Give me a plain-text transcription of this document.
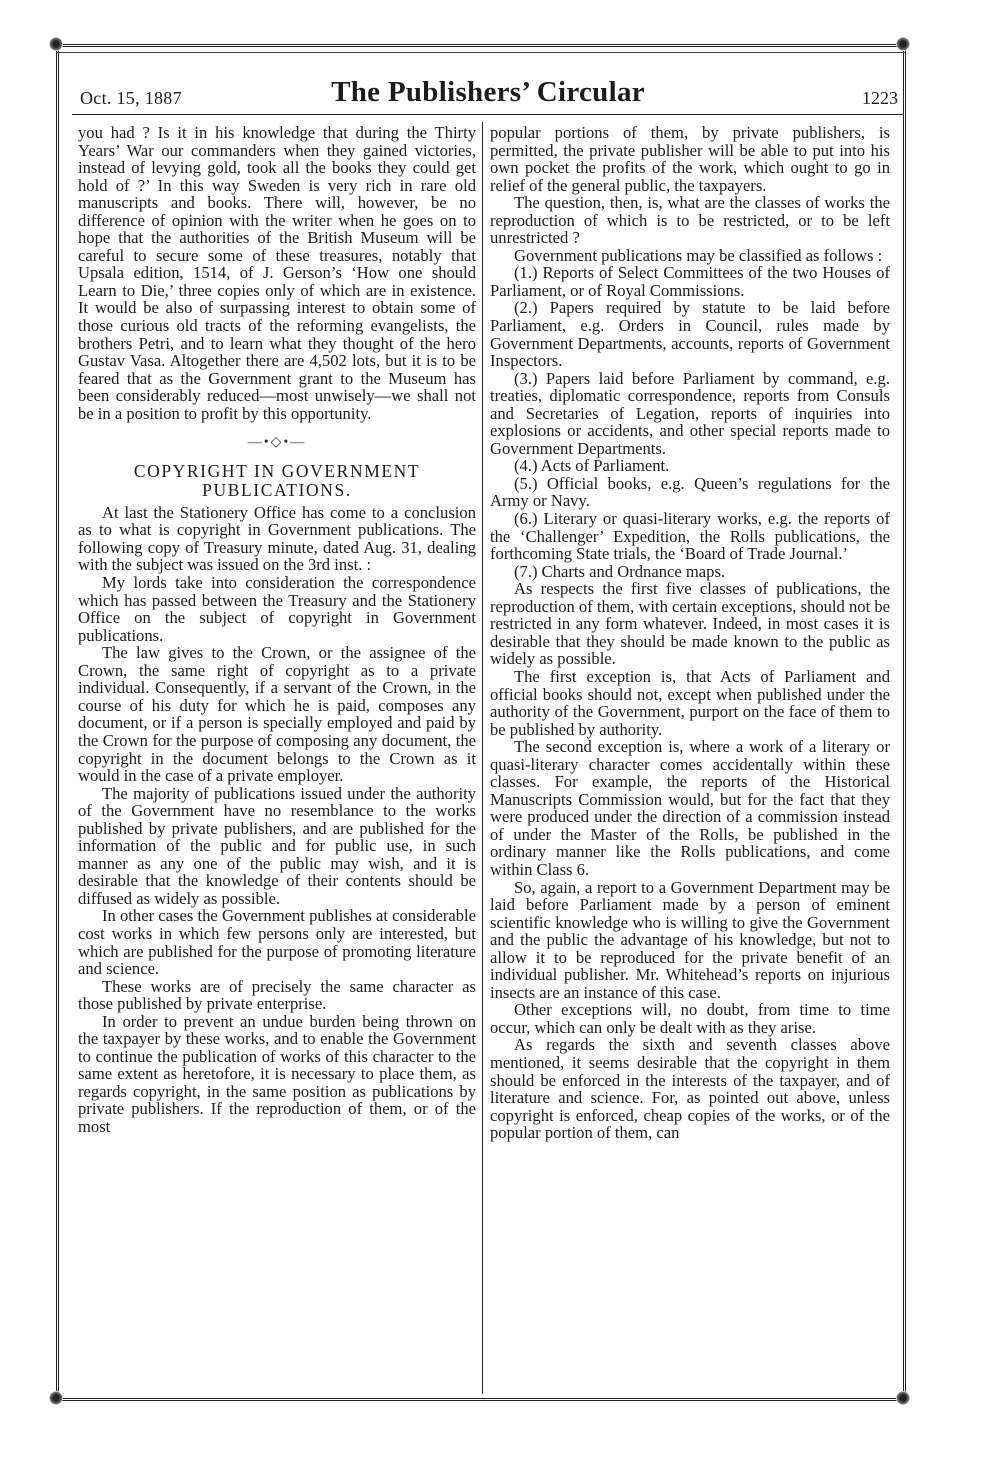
Oct. 15, 1887	The Publishers’ Circular	1223

you had ? Is it in his knowledge that during the Thirty Years’ War our commanders when they gained victories, instead of levying gold, took all the books they could get hold of ?’ In this way Sweden is very rich in rare old manuscripts and books. There will, however, be no difference of opinion with the writer when he goes on to hope that the authorities of the British Museum will be careful to secure some of these treasures, notably that Upsala edition, 1514, of J. Gerson’s ‘How one should Learn to Die,’ three copies only of which are in existence. It would be also of surpassing interest to obtain some of those curious old tracts of the reforming evangelists, the brothers Petri, and to learn what they thought of the hero Gustav Vasa. Altogether there are 4,502 lots, but it is to be feared that as the Government grant to the Museum has been considerably reduced—most unwisely—we shall not be in a position to profit by this opportunity.

—•◇•—
COPYRIGHT IN GOVERNMENT
PUBLICATIONS.

At last the Stationery Office has come to a conclusion as to what is copyright in Government publications. The following copy of Treasury minute, dated Aug. 31, dealing with the subject was issued on the 3rd inst. :

My lords take into consideration the correspondence which has passed between the Treasury and the Stationery Office on the subject of copyright in Government publications.

The law gives to the Crown, or the assignee of the Crown, the same right of copyright as to a private individual. Consequently, if a servant of the Crown, in the course of his duty for which he is paid, composes any document, or if a person is specially employed and paid by the Crown for the purpose of composing any document, the copyright in the document belongs to the Crown as it would in the case of a private employer.

The majority of publications issued under the authority of the Government have no resemblance to the works published by private publishers, and are published for the information of the public and for public use, in such manner as any one of the public may wish, and it is desirable that the knowledge of their contents should be diffused as widely as possible.

In other cases the Government publishes at considerable cost works in which few persons only are interested, but which are published for the purpose of promoting literature and science.

These works are of precisely the same character as those published by private enterprise.

In order to prevent an undue burden being thrown on the taxpayer by these works, and to enable the Government to continue the publication of works of this character to the same extent as heretofore, it is necessary to place them, as regards copyright, in the same position as publications by private publishers. If the reproduction of them, or of the most

popular portions of them, by private publishers, is permitted, the private publisher will be able to put into his own pocket the profits of the work, which ought to go in relief of the general public, the taxpayers.

The question, then, is, what are the classes of works the reproduction of which is to be restricted, or to be left unrestricted ?

Government publications may be classified as follows :

(1.) Reports of Select Committees of the two Houses of Parliament, or of Royal Commissions.

(2.) Papers required by statute to be laid before Parliament, e.g. Orders in Council, rules made by Government Departments, accounts, reports of Government Inspectors.

(3.) Papers laid before Parliament by command, e.g. treaties, diplomatic correspondence, reports from Consuls and Secretaries of Legation, reports of inquiries into explosions or accidents, and other special reports made to Government Departments.

(4.) Acts of Parliament.

(5.) Official books, e.g. Queen’s regulations for the Army or Navy.

(6.) Literary or quasi-literary works, e.g. the reports of the ‘Challenger’ Expedition, the Rolls publications, the forthcoming State trials, the ‘Board of Trade Journal.’

(7.) Charts and Ordnance maps.

As respects the first five classes of publications, the reproduction of them, with certain exceptions, should not be restricted in any form whatever. Indeed, in most cases it is desirable that they should be made known to the public as widely as possible.

The first exception is, that Acts of Parliament and official books should not, except when published under the authority of the Government, purport on the face of them to be published by authority.

The second exception is, where a work of a literary or quasi-literary character comes accidentally within these classes. For example, the reports of the Historical Manuscripts Commission would, but for the fact that they were produced under the direction of a commission instead of under the Master of the Rolls, be published in the ordinary manner like the Rolls publications, and come within Class 6.

So, again, a report to a Government Department may be laid before Parliament made by a person of eminent scientific knowledge who is willing to give the Government and the public the advantage of his knowledge, but not to allow it to be reproduced for the private benefit of an individual publisher. Mr. Whitehead’s reports on injurious insects are an instance of this case.

Other exceptions will, no doubt, from time to time occur, which can only be dealt with as they arise.

As regards the sixth and seventh classes above mentioned, it seems desirable that the copyright in them should be enforced in the interests of the taxpayer, and of literature and science. For, as pointed out above, unless copyright is enforced, cheap copies of the works, or of the popular portion of them, can
